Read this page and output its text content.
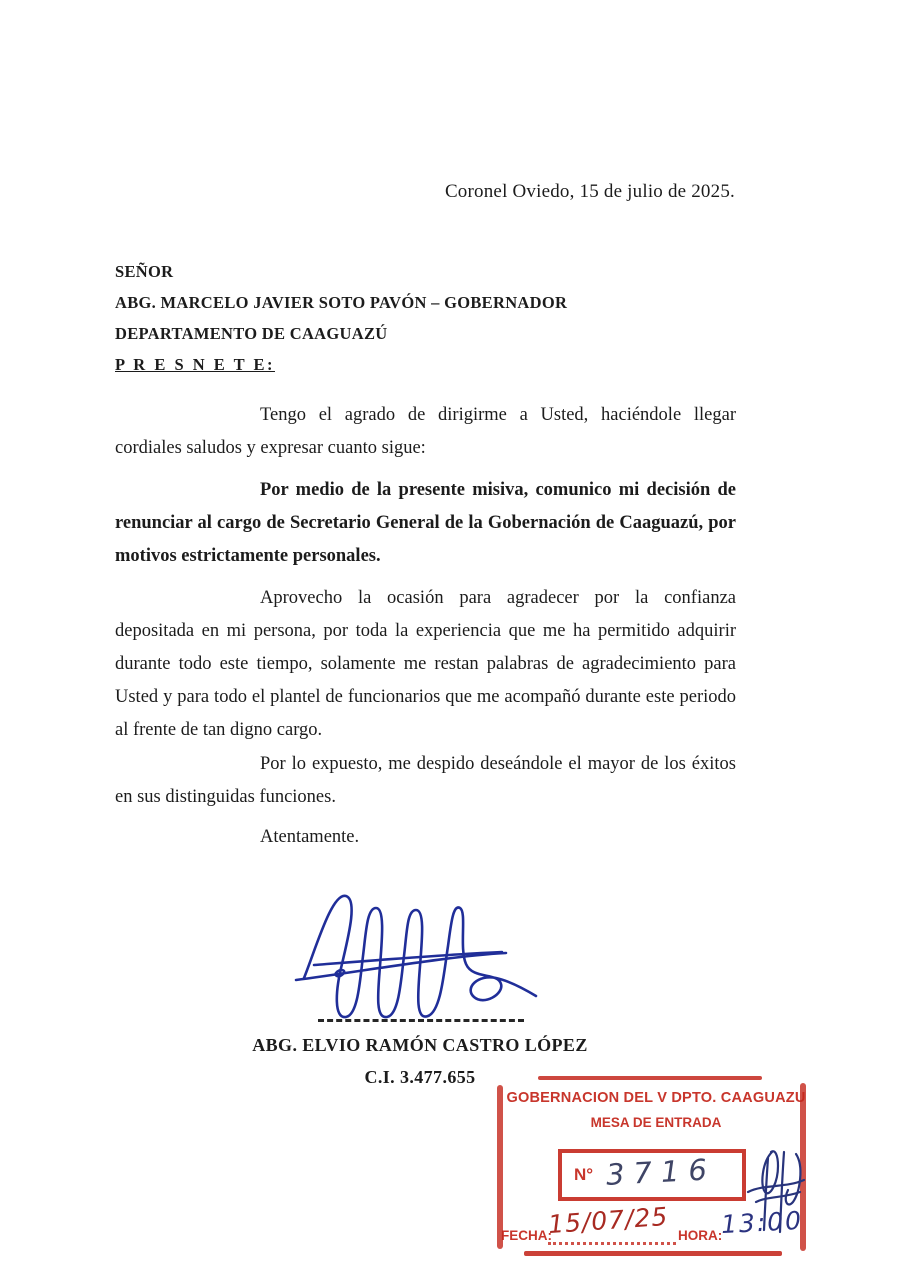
Coronel Oviedo, 15 de julio de 2025.
SEÑOR
ABG. MARCELO JAVIER SOTO PAVÓN – GOBERNADOR
DEPARTAMENTO DE CAAGUAZÚ
P R E S N E T E:
Tengo el agrado de dirigirme a Usted, haciéndole llegar cordiales saludos y expresar cuanto sigue:
Por medio de la presente misiva, comunico mi decisión de renunciar al cargo de Secretario General de la Gobernación de Caaguazú, por motivos estrictamente personales.
Aprovecho la ocasión para agradecer por la confianza depositada en mi persona, por toda la experiencia que me ha permitido adquirir durante todo este tiempo, solamente me restan palabras de agradecimiento para Usted y para todo el plantel de funcionarios que me acompañó durante este periodo al frente de tan digno cargo.
Por lo expuesto, me despido deseándole el mayor de los éxitos en sus distinguidas funciones.
Atentamente.
ABG. ELVIO RAMÓN CASTRO LÓPEZ
C.I. 3.477.655
GOBERNACION DEL V DPTO. CAAGUAZU
MESA DE ENTRADA
N° 3716
FECHA:
15/07/25 HORA:
13:00
